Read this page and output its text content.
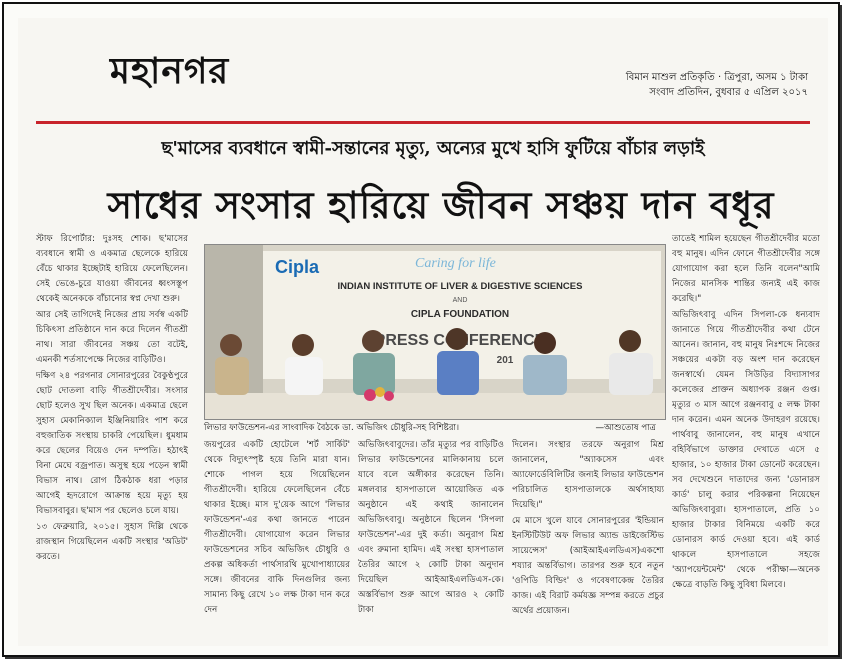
মহানগর	বিমান মাশুল প্রতিকৃতি · ত্রিপুরা, অসম ১ টাকা
সংবাদ প্রতিদিন, বুধবার ৫ এপ্রিল ২০১৭
ছ'মাসের ব্যবধানে স্বামী-সন্তানের মৃত্যু, অন্যের মুখে হাসি ফুটিয়ে বাঁচার লড়াই
সাধের সংসার হারিয়ে জীবন সঞ্চয় দান বধূর

স্টাফ রিপোর্টার: দুঃসহ শোক। ছ'মাসের ব্যবধানে স্বামী ও একমাত্র ছেলেকে হারিয়ে বেঁচে থাকার ইচ্ছেটাই হারিয়ে ফেলেছিলেন। সেই ভেঙে-চুরে যাওয়া জীবনের ধ্বংসস্তূপ থেকেই অনেককে বাঁচানোর স্বপ্ন দেখা শুরু।

আর সেই তাগিদেই নিজের প্রায় সর্বস্ব একটি চিকিৎসা প্রতিষ্ঠানে দান করে দিলেন গীতশ্রী নাথ। সারা জীবনের সঞ্চয় তো বটেই, এমনকী শর্তসাপেক্ষে নিজের বাড়িটিও।

দক্ষিণ ২৪ পরগনার সোনারপুরের বৈকুণ্ঠপুরে ছোট দোতলা বাড়ি গীতশ্রীদেবীর। সংসার ছোট হলেও সুখ ছিল অনেক। একমাত্র ছেলে সুহাস মেকানিক্যাল ইঞ্জিনিয়ারিং পাশ করে বহুজাতিক সংস্থায় চাকরি পেয়েছিল। ধুমধাম করে ছেলের বিয়েও দেন দম্পতি। হঠাৎই বিনা মেঘে বজ্রপাত। অসুস্থ হয়ে পড়েন স্বামী বিভাস নাথ। রোগ ঠিকঠাক ধরা পড়ার আগেই হৃদরোগে আক্রান্ত হয়ে মৃত্যু হয় বিভাসবাবুর। ছ'মাস পর ছেলেও চলে যায়।

১৩ ফেব্রুয়ারি, ২০১৫। সুহাস দিল্লি থেকে রাজস্থান গিয়েছিলেন একটি সংস্থার 'অডিট' করতে।

Cipla	Caring for life
INDIAN INSTITUTE OF LIVER & DIGESTIVE SCIENCES
AND
CIPLA FOUNDATION
PRESS CONFERENCE
201
লিভার ফাউন্ডেশন-এর সাংবাদিক বৈঠকে ডা. অভিজিৎ চৌধুরি-সহ বিশিষ্টরা।	—আশুতোষ পাত্র

জয়পুরের একটি হোটেলে 'শর্ট সার্কিট' থেকে বিদ্যুৎস্পৃষ্ট হয়ে তিনি মারা যান। শোকে পাগল হয়ে গিয়েছিলেন গীতশ্রীদেবী। হারিয়ে ফেলেছিলেন বেঁচে থাকার ইচ্ছে। মাস দু'য়েক আগে 'লিভার ফাউন্ডেশন'-এর কথা জানতে পারেন গীতশ্রীদেবী। যোগাযোগ করেন লিভার ফাউন্ডেশনের সচিব অভিজিৎ চৌধুরি ও প্রকল্প অধিকর্তা পার্থসারথি মুখোপাধ্যায়ের সঙ্গে। জীবনের বাকি দিনগুলির জন্য সামান্য কিছু রেখে ১০ লক্ষ টাকা দান করে দেন

অভিজিৎবাবুদের। তাঁর মৃত্যুর পর বাড়িটিও লিভার ফাউন্ডেশনের মালিকানায় চলে যাবে বলে অঙ্গীকার করেছেন তিনি। মঙ্গলবার হাসপাতালে আয়োজিত এক অনুষ্ঠানে এই কথাই জানালেন অভিজিৎবাবু। অনুষ্ঠানে ছিলেন 'সিপলা ফাউন্ডেশন'-এর দুই কর্তা। অনুরাগ মিশ্র এবং রুমানা হামিদ। এই সংস্থা হাসপাতাল তৈরির আগে ২ কোটি টাকা অনুদান দিয়েছিল আইআইএলডিএস-কে। অস্তর্বিভাগ শুরু আগে আরও ২ কোটি টাকা

দিলেন। সংস্থার তরফে অনুরাগ মিশ্র জানালেন, "অ্যাকসেস এবং অ্যাফোর্ডেবিলিটির জন্যই লিভার ফাউন্ডেশন পরিচালিত হাসপাতালকে অর্থসাহায্য দিয়েছি।"

মে মাসে খুলে যাবে সোনারপুরের 'ইন্ডিয়ান ইনস্টিটিউট অফ লিভার অ্যান্ড ডাইজেস্টিভ সায়েন্সেস' (আইআইএলডিএস)একশো শয্যার অন্তর্বিভাগ। তারপর শুরু হবে নতুন 'ওপিডি বিল্ডিং' ও গবেষণাকেন্দ্র তৈরির কাজ। এই বিরাট কর্মযজ্ঞ সম্পন্ন করতে প্রচুর অর্থের প্রয়োজন।

তাতেই শামিল হয়েছেন গীতশ্রীদেবীর মতো বহু মানুষ। এদিন ফোনে গীতশ্রীদেবীর সঙ্গে যোগাযোগ করা হলে তিনি বলেন"আমি নিজের মানসিক শান্তির জন্যই এই কাজ করেছি।"

অভিজিৎবাবু এদিন সিপলা-কে ধন্যবাদ জানাতে গিয়ে গীতশ্রীদেবীর কথা টেনে আনেন। জানান, বহু মানুষ নিঃশব্দে নিজের সঞ্চয়ের একটা বড় অংশ দান করেছেন জনস্বার্থে। যেমন সিউড়ির বিদ্যাসাগর কলেজের প্রাক্তন অধ্যাপক রঞ্জন গুপ্ত। মৃত্যুর ৩ মাস আগে রঞ্জনবাবু ৫ লক্ষ টাকা দান করেন। এমন অনেক উদাহরণ রয়েছে। পার্থবাবু জানালেন, বহু মানুষ এখানে বহির্বিভাগে ডাক্তার দেখাতে এসে ৫ হাজার, ১০ হাজার টাকা ডোনেট করেছেন। সব দেখেশুনে দাতাদের জন্য 'ডোনারস কার্ড' চালু করার পরিকল্পনা নিয়েছেন অভিজিৎবাবুরা। হাসপাতালে, প্রতি ১০ হাজার টাকার বিনিময়ে একটি করে ডোনারস কার্ড দেওয়া হবে। এই কার্ড থাকলে হাসপাতালে সহজে 'অ্যাপয়েন্টমেন্ট' থেকে পরীক্ষা—অনেক ক্ষেত্রে বাড়তি কিছু সুবিধা মিলবে।
